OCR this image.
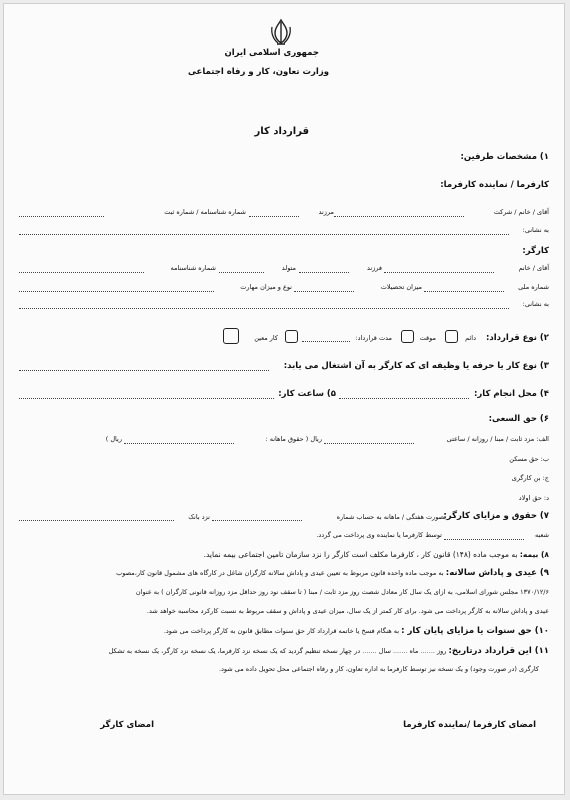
جمهوری اسلامی ایران
وزارت تعاون، کار و رفاه اجتماعی
قرارداد کار
۱) مشخصات طرفین:
کارفرما / نماینده کارفرما:
آقای / خانم / شرکت
مرزند
شماره شناسنامه / شماره ثبت
به نشانی:
کارگر:
آقای / خانم
فرزند
متولد
شماره شناسنامه
شماره ملی
میزان تحصیلات
نوع و میزان مهارت
به نشانی:
۲) نوع قرارداد:
دائم
موقت
مدت قرارداد:
کار معین
۳) نوع کار یا حرفه یا وظیفه ای که کارگر به آن اشتغال می یابد:
۴) محل انجام کار:
۵) ساعت کار:
۶) حق السعی:
الف: مزد ثابت / مبنا / روزانه / ساعتی
ریال ( حقوق ماهانه :
ریال )
ب: حق مسکن
ج: بن کارگری
د: حق اولاد
۷) حقوق و مزایای کارگر:
بصورت هفتگی / ماهانه به حساب شماره
نزد بانک
شعبه
توسط کارفرما یا نماینده وی پرداخت می گردد.
۸) بیمه: به موجب ماده (۱۴۸) قانون کار ، کارفرما مکلف است کارگر را نزد سازمان تامین اجتماعی بیمه نماید.
۹) عیدی و پاداش سالانه: به موجب ماده واحده قانون مربوط به تعیین عیدی و پاداش سالانه کارگران شاغل در کارگاه های مشمول قانون کار،مصوب
۱۳۷۰/۱۲/۶ مجلس شورای اسلامی، به ازای یک سال کار معادل شصت روز مزد ثابت / مبنا ( تا سقف نود روز حداقل مزد روزانه قانونی کارگران ) به عنوان
عیدی و پاداش سالانه به کارگر پرداخت می شود. برای کار کمتر از یک سال، میزان عیدی و پاداش و سقف مربوط به نسبت کارکرد محاسبه خواهد شد.
۱۰) حق سنوات یا مزایای پایان کار : به هنگام فسخ یا خاتمه قرارداد کار حق سنوات مطابق قانون به کارگر پرداخت می شود.
۱۱) این قرارداد درتاریخ: روز ....... ماه ....... سال ....... در چهار نسخه تنظیم گردید که یک نسخه نزد کارفرما، یک نسخه نزد کارگر، یک نسخه به تشکل
کارگری (در صورت وجود) و یک نسخه نیز توسط کارفرما به اداره تعاون، کار و رفاه اجتماعی محل تحویل داده می شود.
امضای کارفرما /نماینده کارفرما
امضای کارگر
